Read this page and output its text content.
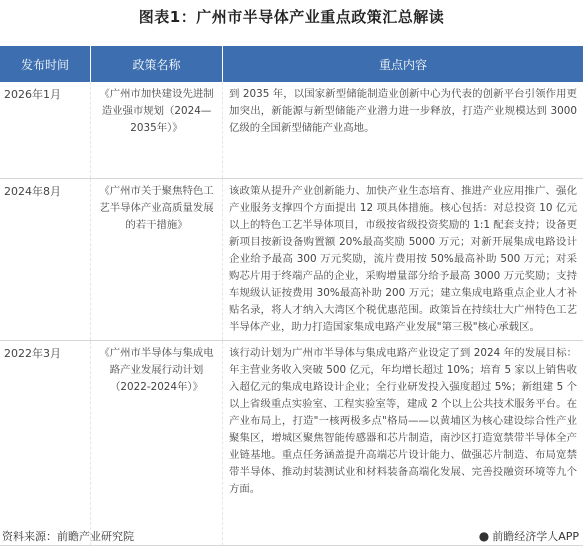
图表1：广州市半导体产业重点政策汇总解读
发布时间	政策名称	重点内容
2026年1月	《广州市加快建设先进制造业强市规划（2024—2035年）》	到 2035 年，以国家新型储能制造业创新中心为代表的创新平台引领作用更加突出，新能源与新型储能产业潜力进一步释放，打造产业规模达到 3000 亿级的全国新型储能产业高地。
2024年8月	《广州市关于聚焦特色工艺半导体产业高质量发展的若干措施》	该政策从提升产业创新能力、加快产业生态培育、推进产业应用推广、强化产业服务支撑四个方面提出 12 项具体措施。核心包括：对总投资 10 亿元以上的特色工艺半导体项目，市级按省级投资奖励的 1:1 配套支持；设备更新项目按新设备购置额 20%最高奖励 5000 万元；对新开展集成电路设计企业给予最高 300 万元奖励，流片费用按 50%最高补助 500 万元；对采购芯片用于终端产品的企业，采购增量部分给予最高 3000 万元奖励；支持车规级认证按费用 30%最高补助 200 万元；建立集成电路重点企业人才补贴名录，将人才纳入大湾区个税优惠范围。政策旨在持续壮大广州特色工艺半导体产业，助力打造国家集成电路产业发展"第三极"核心承载区。
2022年3月	《广州市半导体与集成电路产业发展行动计划（2022-2024年）》	该行动计划为广州市半导体与集成电路产业设定了到 2024 年的发展目标：年主营业务收入突破 500 亿元，年均增长超过 10%；培育 5 家以上销售收入超亿元的集成电路设计企业；全行业研发投入强度超过 5%；新组建 5 个以上省级重点实验室、工程实验室等，建成 2 个以上公共技术服务平台。在产业布局上，打造"一核两极多点"格局——以黄埔区为核心建设综合性产业聚集区，增城区聚焦智能传感器和芯片制造，南沙区打造宽禁带半导体全产业链基地。重点任务涵盖提升高端芯片设计能力、做强芯片制造、布局宽禁带半导体、推动封装测试业和材料装备高端化发展、完善投融资环境等九个方面。
资料来源：前瞻产业研究院	● 前瞻经济学人APP
